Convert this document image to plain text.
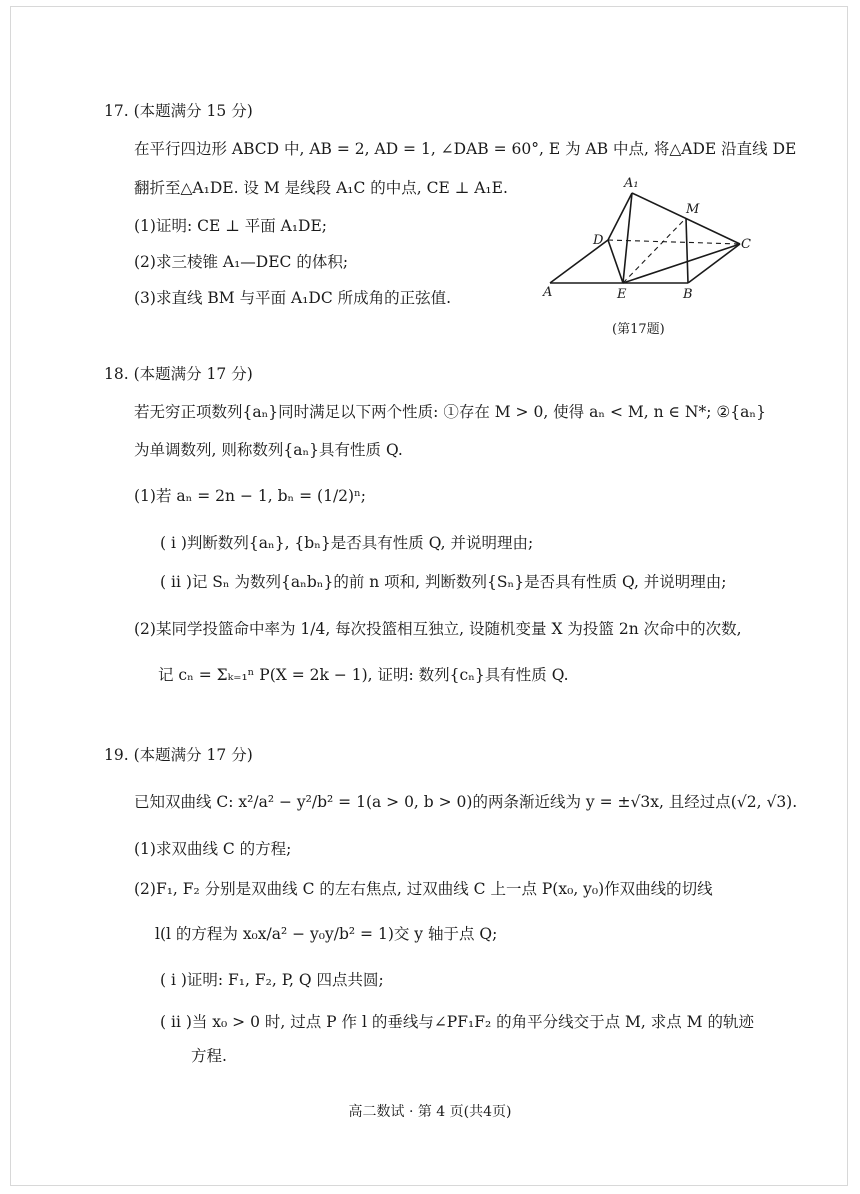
17. (本题满分 15 分)
在平行四边形 ABCD 中, AB = 2, AD = 1, ∠DAB = 60°, E 为 AB 中点, 将△ADE 沿直线 DE
翻折至△A₁DE. 设 M 是线段 A₁C 的中点, CE ⊥ A₁E.
(1)证明: CE ⊥ 平面 A₁DE;
(2)求三棱锥 A₁—DEC 的体积;
(3)求直线 BM 与平面 A₁DC 所成角的正弦值.
A₁
M
D	C
A	E	B
(第17题)
18. (本题满分 17 分)
若无穷正项数列{aₙ}同时满足以下两个性质: ①存在 M > 0, 使得 aₙ < M, n ∈ N*; ②{aₙ}
为单调数列, 则称数列{aₙ}具有性质 Q.
(1)若 aₙ = 2n − 1, bₙ = (1/2)ⁿ;
( ⅰ )判断数列{aₙ}, {bₙ}是否具有性质 Q, 并说明理由;
( ⅱ )记 Sₙ 为数列{aₙbₙ}的前 n 项和, 判断数列{Sₙ}是否具有性质 Q, 并说明理由;
(2)某同学投篮命中率为 1/4, 每次投篮相互独立, 设随机变量 X 为投篮 2n 次命中的次数,
记 cₙ = Σₖ₌₁ⁿ P(X = 2k − 1), 证明: 数列{cₙ}具有性质 Q.
19. (本题满分 17 分)
已知双曲线 C: x²/a² − y²/b² = 1(a > 0, b > 0)的两条渐近线为 y = ±√3x, 且经过点(√2, √3).
(1)求双曲线 C 的方程;
(2)F₁, F₂ 分别是双曲线 C 的左右焦点, 过双曲线 C 上一点 P(x₀, y₀)作双曲线的切线
l(l 的方程为 x₀x/a² − y₀y/b² = 1)交 y 轴于点 Q;
( ⅰ )证明: F₁, F₂, P, Q 四点共圆;
( ⅱ )当 x₀ > 0 时, 过点 P 作 l 的垂线与∠PF₁F₂ 的角平分线交于点 M, 求点 M 的轨迹
方程.
高二数试 · 第 4 页(共4页)
